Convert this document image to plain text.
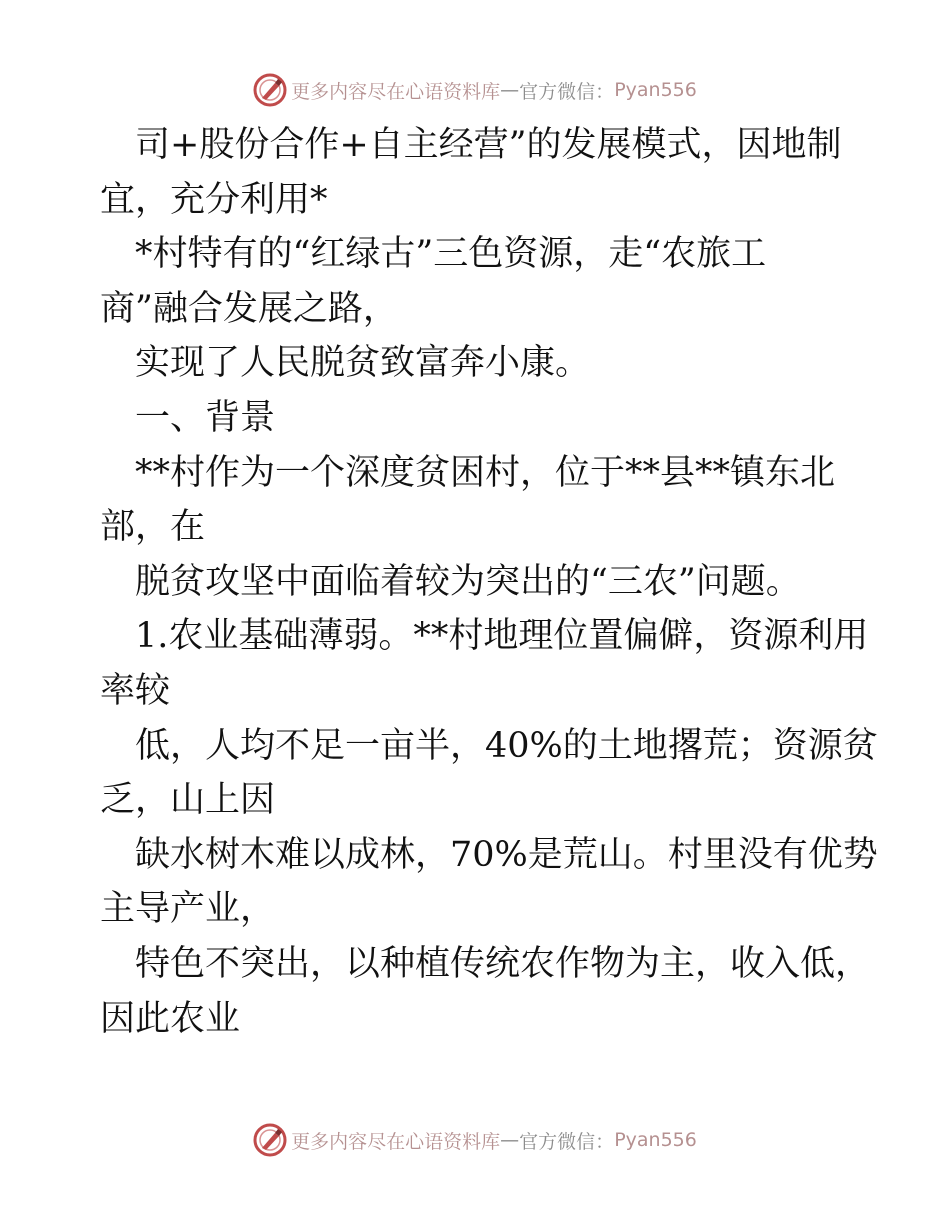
更多内容尽在心语资料库 — 官方微信： Pyan556
司+股份合作+自主经营”的发展模式，因地制
宜，充分利用*
*村特有的“红绿古”三色资源，走“农旅工
商”融合发展之路，
实现了人民脱贫致富奔小康。
一、背景
**村作为一个深度贫困村，位于**县**镇东北
部，在
脱贫攻坚中面临着较为突出的“三农”问题。
1.农业基础薄弱。**村地理位置偏僻，资源利用
率较
低，人均不足一亩半，40%的土地撂荒；资源贫
乏，山上因
缺水树木难以成林，70%是荒山。村里没有优势
主导产业，
特色不突出，以种植传统农作物为主，收入低，
因此农业
更多内容尽在心语资料库 — 官方微信： Pyan556
